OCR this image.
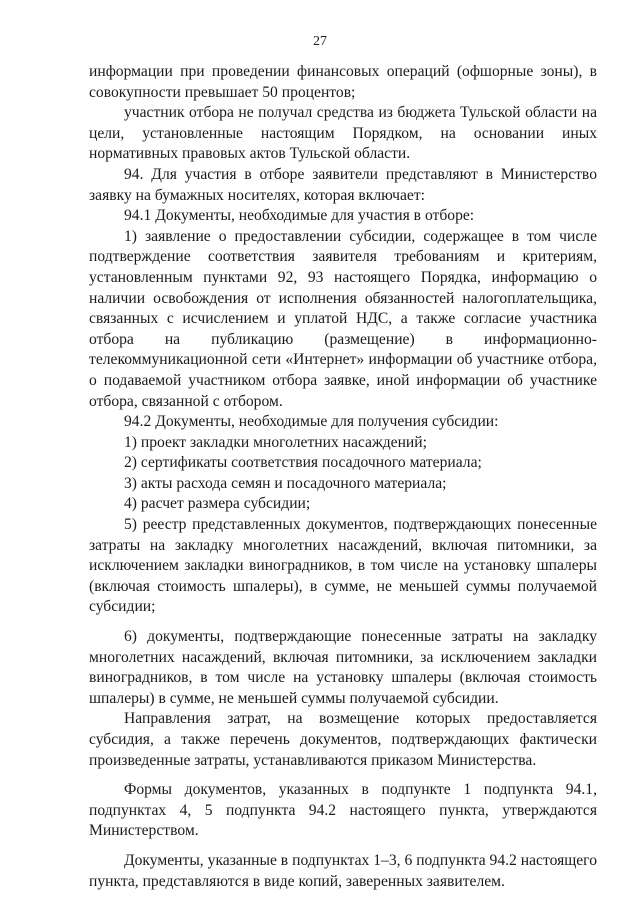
27

информации при проведении финансовых операций (офшорные зоны), в совокупности превышает 50 процентов;

участник отбора не получал средства из бюджета Тульской области на цели, установленные настоящим Порядком, на основании иных нормативных правовых актов Тульской области.

94. Для участия в отборе заявители представляют в Министерство заявку на бумажных носителях, которая включает:

94.1 Документы, необходимые для участия в отборе:

1) заявление о предоставлении субсидии, содержащее в том числе подтверждение соответствия заявителя требованиям и критериям, установленным пунктами 92, 93 настоящего Порядка, информацию о наличии освобождения от исполнения обязанностей налогоплательщика, связанных с исчислением и уплатой НДС, а также согласие участника отбора на публикацию (размещение) в информационно-телекоммуникационной сети «Интернет» информации об участнике отбора, о подаваемой участником отбора заявке, иной информации об участнике отбора, связанной с отбором.

94.2 Документы, необходимые для получения субсидии:

1) проект закладки многолетних насаждений;

2) сертификаты соответствия посадочного материала;

3) акты расхода семян и посадочного материала;

4) расчет размера субсидии;

5) реестр представленных документов, подтверждающих понесенные затраты на закладку многолетних насаждений, включая питомники, за исключением закладки виноградников, в том числе на установку шпалеры (включая стоимость шпалеры), в сумме, не меньшей суммы получаемой субсидии;

6) документы, подтверждающие понесенные затраты на закладку многолетних насаждений, включая питомники, за исключением закладки виноградников, в том числе на установку шпалеры (включая стоимость шпалеры) в сумме, не меньшей суммы получаемой субсидии.

Направления затрат, на возмещение которых предоставляется субсидия, а также перечень документов, подтверждающих фактически произведенные затраты, устанавливаются приказом Министерства.

Формы документов, указанных в подпункте 1 подпункта 94.1, подпунктах 4, 5 подпункта 94.2 настоящего пункта, утверждаются Министерством.

Документы, указанные в подпунктах 1–3, 6 подпункта 94.2 настоящего пункта, представляются в виде копий, заверенных заявителем.
